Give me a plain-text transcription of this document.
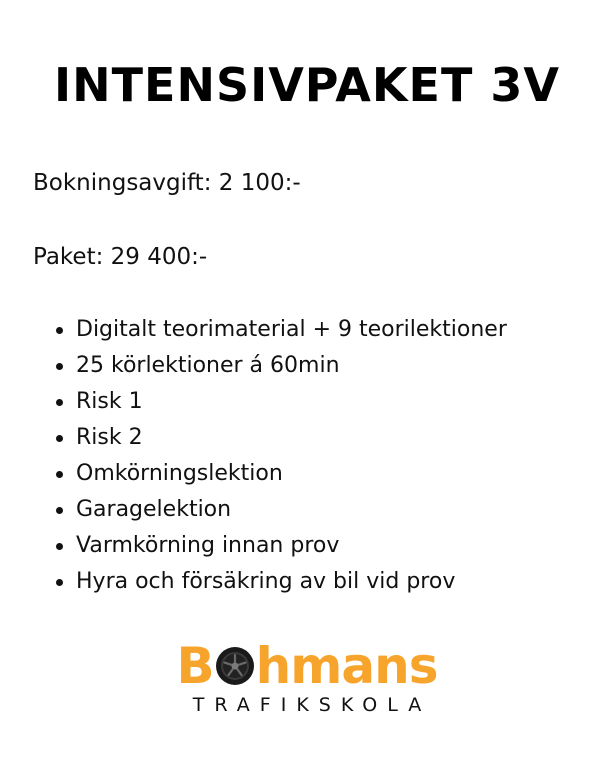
INTENSIVPAKET 3V

Bokningsavgift: 2 100:-

Paket: 29 400:-

Digitalt teorimaterial + 9 teorilektioner
25 körlektioner á 60min
Risk 1
Risk 2
Omkörningslektion
Garagelektion
Varmkörning innan prov
Hyra och försäkring av bil vid prov
B hmans
TRAFIKSKOLA
